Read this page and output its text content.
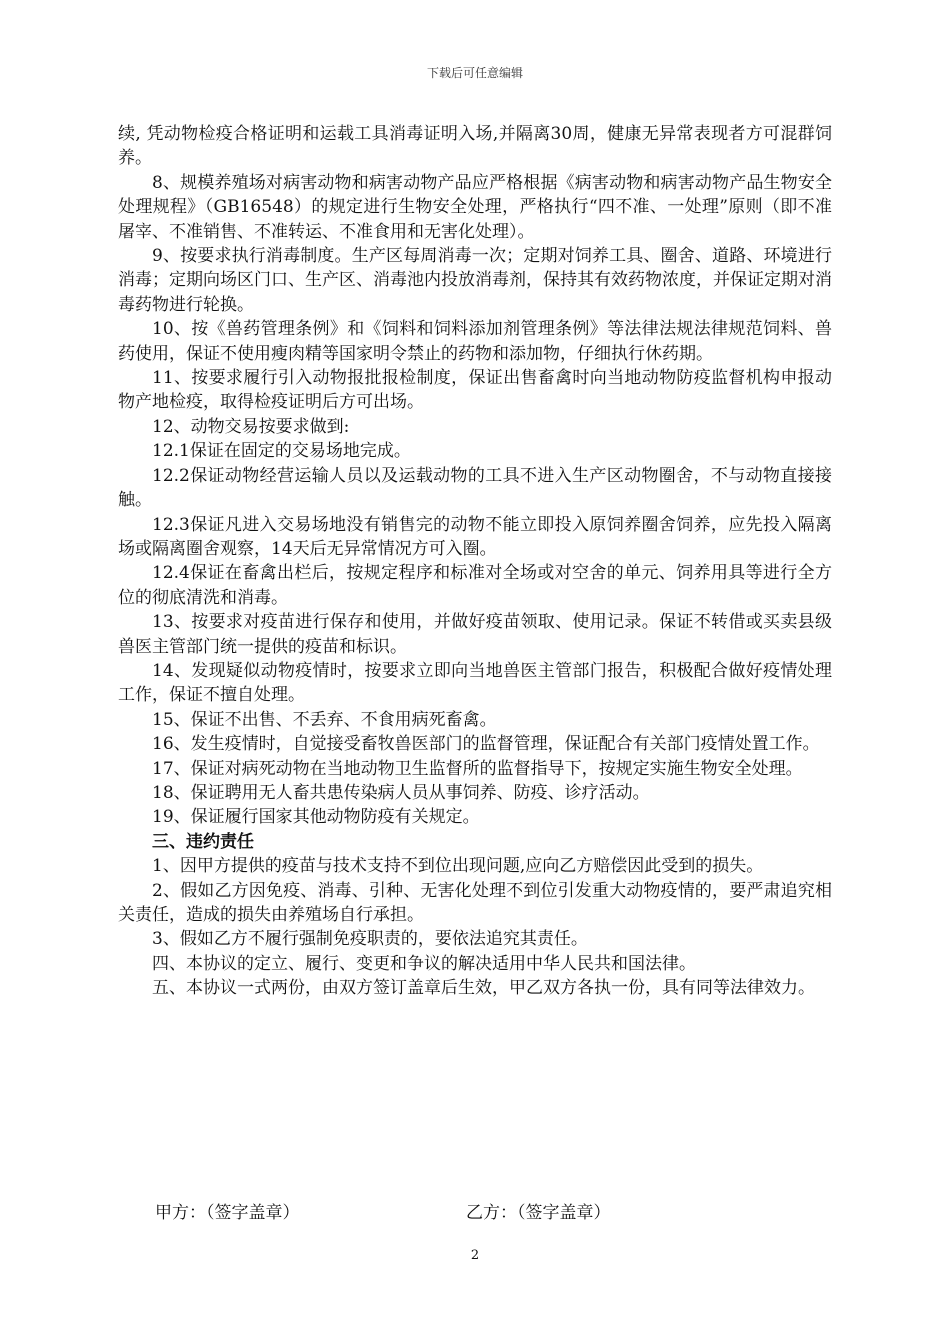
下载后可任意编辑

续, 凭动物检疫合格证明和运载工具消毒证明入场,并隔离30周，健康无异常表现者方可混群饲养。

8、规模养殖场对病害动物和病害动物产品应严格根据《病害动物和病害动物产品生物安全处理规程》（GB16548）的规定进行生物安全处理，严格执行“四不准、一处理”原则（即不准屠宰、不准销售、不准转运、不准食用和无害化处理）。

9、按要求执行消毒制度。生产区每周消毒一次；定期对饲养工具、圈舍、道路、环境进行消毒；定期向场区门口、生产区、消毒池内投放消毒剂，保持其有效药物浓度，并保证定期对消毒药物进行轮换。

10、按《兽药管理条例》和《饲料和饲料添加剂管理条例》等法律法规法律规范饲料、兽药使用，保证不使用瘦肉精等国家明令禁止的药物和添加物，仔细执行休药期。

11、按要求履行引入动物报批报检制度，保证出售畜禽时向当地动物防疫监督机构申报动物产地检疫，取得检疫证明后方可出场。

12、动物交易按要求做到:

12.1保证在固定的交易场地完成。

12.2保证动物经营运输人员以及运载动物的工具不进入生产区动物圈舍，不与动物直接接触。

12.3保证凡进入交易场地没有销售完的动物不能立即投入原饲养圈舍饲养，应先投入隔离场或隔离圈舍观察，14天后无异常情况方可入圈。

12.4保证在畜禽出栏后，按规定程序和标准对全场或对空舍的单元、饲养用具等进行全方位的彻底清洗和消毒。

13、按要求对疫苗进行保存和使用，并做好疫苗领取、使用记录。保证不转借或买卖县级兽医主管部门统一提供的疫苗和标识。

14、发现疑似动物疫情时，按要求立即向当地兽医主管部门报告，积极配合做好疫情处理工作，保证不擅自处理。

15、保证不出售、不丢弃、不食用病死畜禽。

16、发生疫情时，自觉接受畜牧兽医部门的监督管理，保证配合有关部门疫情处置工作。

17、保证对病死动物在当地动物卫生监督所的监督指导下，按规定实施生物安全处理。

18、保证聘用无人畜共患传染病人员从事饲养、防疫、诊疗活动。

19、保证履行国家其他动物防疫有关规定。

三、违约责任

1、因甲方提供的疫苗与技术支持不到位出现问题,应向乙方赔偿因此受到的损失。

2、假如乙方因免疫、消毒、引种、无害化处理不到位引发重大动物疫情的，要严肃追究相关责任，造成的损失由养殖场自行承担。

3、假如乙方不履行强制免疫职责的，要依法追究其责任。

四、本协议的定立、履行、变更和争议的解决适用中华人民共和国法律。

五、本协议一式两份，由双方签订盖章后生效，甲乙双方各执一份，具有同等法律效力。

甲方：（签字盖章）	乙方：（签字盖章）
2
